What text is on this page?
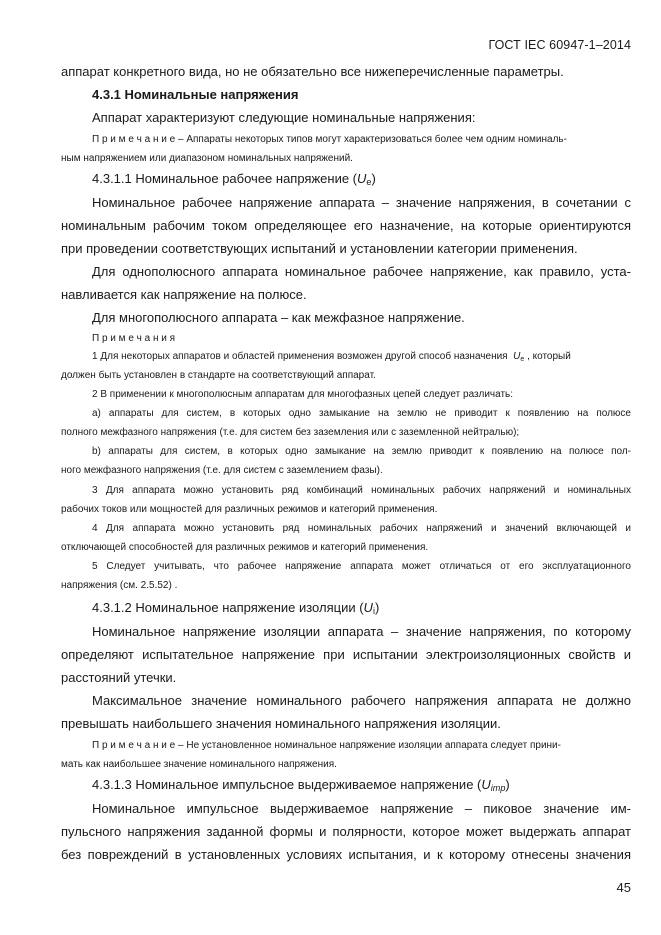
ГОСТ IEC 60947-1–2014
аппарат конкретного вида, но не обязательно все нижеперечисленные параметры.
4.3.1 Номинальные напряжения
Аппарат характеризуют следующие номинальные напряжения:
П р и м е ч а н и е – Аппараты некоторых типов могут характеризоваться более чем одним номиналь-
ным напряжением или диапазоном номинальных напряжений.
4.3.1.1 Номинальное рабочее напряжение $(U_e)$
Номинальное рабочее напряжение аппарата – значение напряжения, в сочетании с
номинальным рабочим током определяющее его назначение, на которые ориентируются
при проведении соответствующих испытаний и установлении категории применения.
Для однополюсного аппарата номинальное рабочее напряжение, как правило, уста-
навливается как напряжение на полюсе.
Для многополюсного аппарата – как межфазное напряжение.
П р и м е ч а н и я
1 Для некоторых аппаратов и областей применения возможен другой способ назначения $U_e$ , который
должен быть установлен в стандарте на соответствующий аппарат.
2 В применении к многополюсным аппаратам для многофазных цепей следует различать:
а) аппараты для систем, в которых одно замыкание на землю не приводит к появлению на полюсе
полного межфазного напряжения (т.е. для систем без заземления или с заземленной нейтралью);
b) аппараты для систем, в которых одно замыкание на землю приводит к появлению на полюсе пол-
ного межфазного напряжения (т.е. для систем с заземлением фазы).
3 Для аппарата можно установить ряд комбинаций номинальных рабочих напряжений и номинальных
рабочих токов или мощностей для различных режимов и категорий применения.
4 Для аппарата можно установить ряд номинальных рабочих напряжений и значений включающей и
отключающей способностей для различных режимов и категорий применения.
5 Следует учитывать, что рабочее напряжение аппарата может отличаться от его эксплуатационного
напряжения (см. 2.5.52) .
4.3.1.2 Номинальное напряжение изоляции $(U_i)$
Номинальное напряжение изоляции аппарата – значение напряжения, по которому
определяют испытательное напряжение при испытании электроизоляционных свойств и
расстояний утечки.
Максимальное значение номинального рабочего напряжения аппарата не должно
превышать наибольшего значения номинального напряжения изоляции.
П р и м е ч а н и е – Не установленное номинальное напряжение изоляции аппарата следует прини-
мать как наибольшее значение номинального напряжения.
4.3.1.3 Номинальное импульсное выдерживаемое напряжение $(U_{imp})$
Номинальное импульсное выдерживаемое напряжение – пиковое значение им-
пульсного напряжения заданной формы и полярности, которое может выдержать аппарат
без повреждений в установленных условиях испытания, и к которому отнесены значения
45
